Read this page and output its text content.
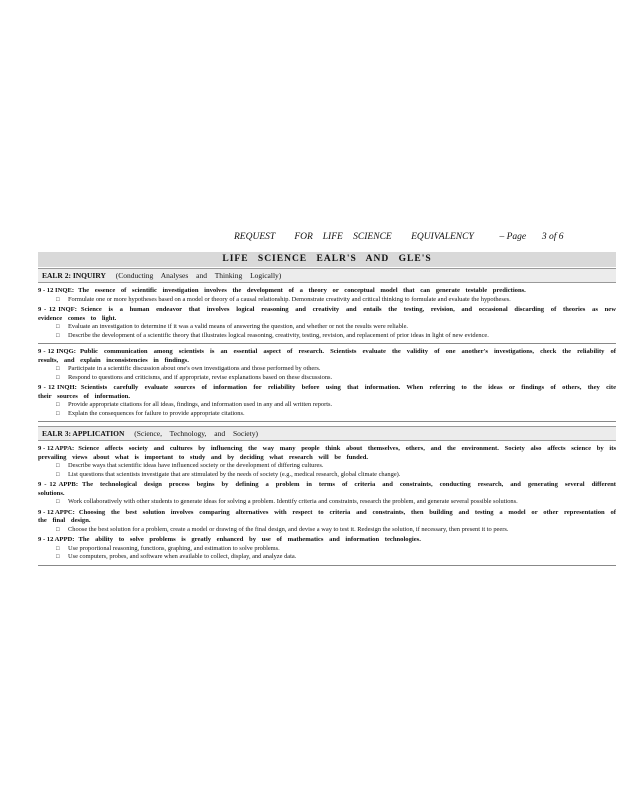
REQUEST FOR LIFE SCIENCE EQUIVALENCY	– Page 3 of 6
LIFE SCIENCE EALR'S AND GLE'S
EALR 2: INQUIRY (Conducting Analyses and Thinking Logically)
9 - 12 INQE: The essence of scientific investigation involves the development of a theory or conceptual model that can generate testable predictions.
□ Formulate one or more hypotheses based on a model or theory of a causal relationship. Demonstrate creativity and critical thinking to formulate and evaluate the hypotheses.
9 - 12 INQF: Science is a human endeavor that involves logical reasoning and creativity and entails the testing, revision, and occasional discarding of theories as new evidence comes to light.
□ Evaluate an investigation to determine if it was a valid means of answering the question, and whether or not the results were reliable.
□ Describe the development of a scientific theory that illustrates logical reasoning, creativity, testing, revision, and replacement of prior ideas in light of new evidence.
9 - 12 INQG: Public communication among scientists is an essential aspect of research. Scientists evaluate the validity of one another's investigations, check the reliability of results, and explain inconsistencies in findings.
□ Participate in a scientific discussion about one's own investigations and those performed by others.
□ Respond to questions and criticisms, and if appropriate, revise explanations based on these discussions.
9 - 12 INQH: Scientists carefully evaluate sources of information for reliability before using that information. When referring to the ideas or findings of others, they cite their sources of information.
□ Provide appropriate citations for all ideas, findings, and information used in any and all written reports.
□ Explain the consequences for failure to provide appropriate citations.
EALR 3: APPLICATION (Science, Technology, and Society)
9 - 12 APPA: Science affects society and cultures by influencing the way many people think about themselves, others, and the environment. Society also affects science by its prevailing views about what is important to study and by deciding what research will be funded.
□ Describe ways that scientific ideas have influenced society or the development of differing cultures.
□ List questions that scientists investigate that are stimulated by the needs of society (e.g., medical research, global climate change).
9 - 12 APPB: The technological design process begins by defining a problem in terms of criteria and constraints, conducting research, and generating several different solutions.
□ Work collaboratively with other students to generate ideas for solving a problem. Identify criteria and constraints, research the problem, and generate several possible solutions.
9 - 12 APPC: Choosing the best solution involves comparing alternatives with respect to criteria and constraints, then building and testing a model or other representation of the final design.
□ Choose the best solution for a problem, create a model or drawing of the final design, and devise a way to test it. Redesign the solution, if necessary, then present it to peers.
9 - 12 APPD: The ability to solve problems is greatly enhanced by use of mathematics and information technologies.
□ Use proportional reasoning, functions, graphing, and estimation to solve problems.
□ Use computers, probes, and software when available to collect, display, and analyze data.
